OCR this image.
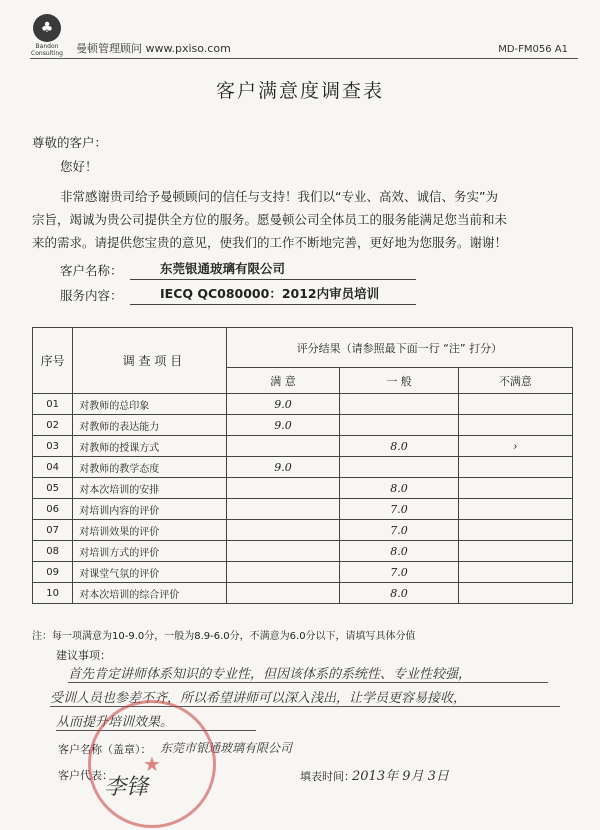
♣
Bandon
Consulting	曼顿管理顾问 www.pxiso.com	MD-FM056 A1
客户满意度调查表
尊敬的客户：
您好！
非常感谢贵司给予曼顿顾问的信任与支持！我们以“专业、高效、诚信、务实”为
宗旨，竭诚为贵公司提供全方位的服务。愿曼顿公司全体员工的服务能满足您当前和未
来的需求。请提供您宝贵的意见，使我们的工作不断地完善，更好地为您服务。谢谢！
客户名称：	东莞银通玻璃有限公司
服务内容：	IECQ QC080000：2012内审员培训
序号	调 查 项 目	评分结果（请参照最下面一行 “注” 打分）		
		满 意	一 般	不满意
01	对教师的总印象	9.0		
02	对教师的表达能力	9.0		
03	对教师的授课方式		8.0	›
04	对教师的教学态度	9.0		
05	对本次培训的安排		8.0	
06	对培训内容的评价		7.0	
07	对培训效果的评价		7.0	
08	对培训方式的评价		8.0	
09	对课堂气氛的评价		7.0	
10	对本次培训的综合评价		8.0	
注：每一项满意为10-9.0分，一般为8.9-6.0分，不满意为6.0分以下，请填写具体分值
建议事项：
首先肯定讲师体系知识的专业性，但因该体系的系统性、专业性较强，
受训人员也参差不齐，所以希望讲师可以深入浅出，让学员更容易接收，
从而提升培训效果。
客户名称（盖章）： 东莞市银通玻璃有限公司
客户代表：
李锋	填表时间：
2013年 9月 3日
★
